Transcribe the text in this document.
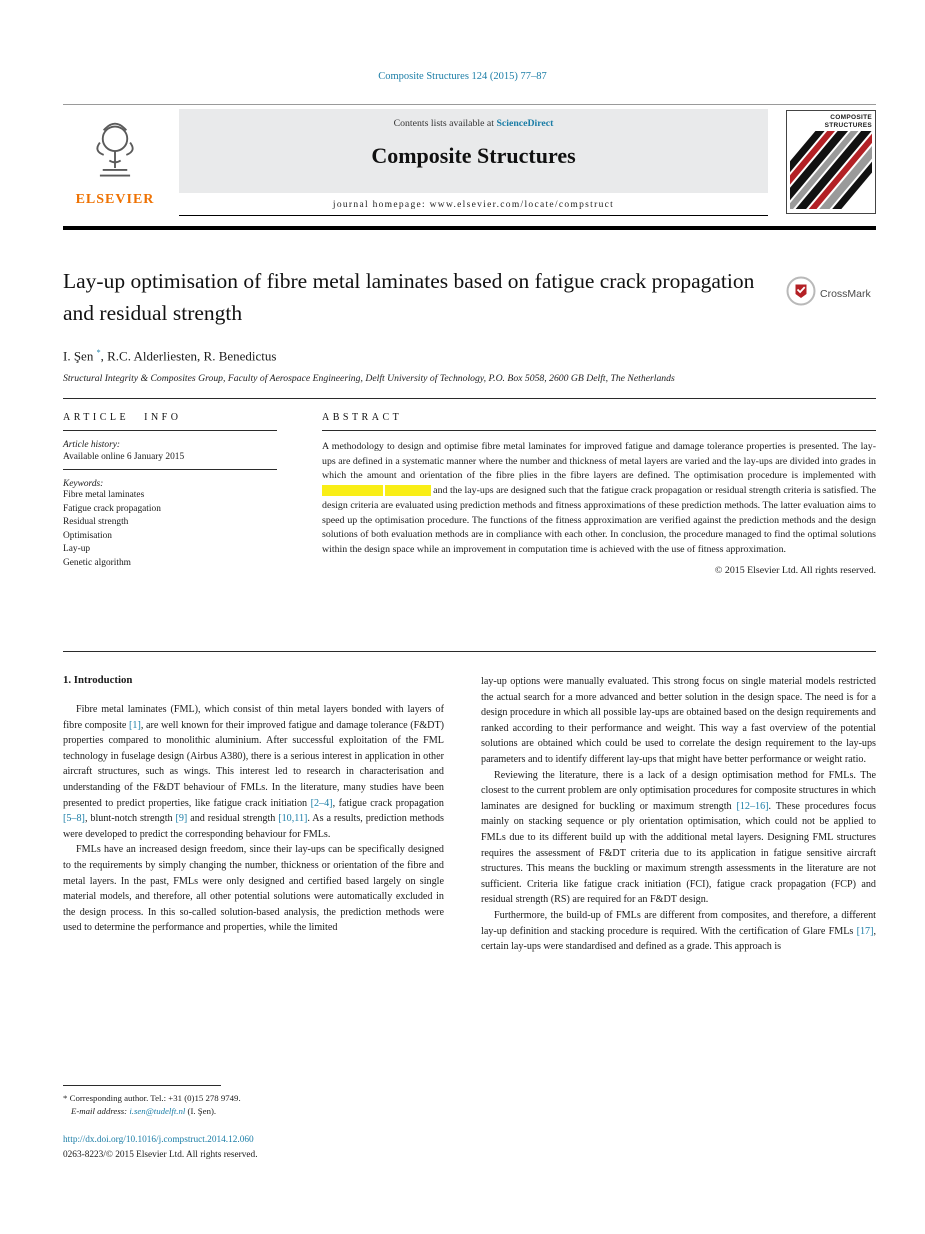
Composite Structures 124 (2015) 77–87
ELSEVIER
Contents lists available at ScienceDirect
Composite Structures
journal homepage: www.elsevier.com/locate/compstruct
COMPOSITE STRUCTURES
Lay-up optimisation of fibre metal laminates based on fatigue crack propagation and residual strength
CrossMark
I. Şen *, R.C. Alderliesten, R. Benedictus
Structural Integrity & Composites Group, Faculty of Aerospace Engineering, Delft University of Technology, P.O. Box 5058, 2600 GB Delft, The Netherlands
ARTICLE INFO
Article history:
Available online 6 January 2015
Keywords:
Fibre metal laminates
Fatigue crack propagation
Residual strength
Optimisation
Lay-up
Genetic algorithm
ABSTRACT

A methodology to design and optimise fibre metal laminates for improved fatigue and damage tolerance properties is presented. The lay-ups are defined in a systematic manner where the number and thickness of metal layers are varied and the lay-ups are divided into grades in which the amount and orientation of the fibre plies in the fibre layers are defined. The optimisation procedure is implemented with                                             and the lay-ups are designed such that the fatigue crack propagation or residual strength criteria is satisfied. The design criteria are evaluated using prediction methods and fitness approximations of these prediction methods. The latter evaluation aims to speed up the optimisation procedure. The functions of the fitness approximation are verified against the prediction methods and the design solutions of both evaluation methods are in compliance with each other. In conclusion, the procedure managed to find the optimal solutions within the design space while an improvement in computation time is achieved with the use of fitness approximation.

© 2015 Elsevier Ltd. All rights reserved.
1. Introduction

Fibre metal laminates (FML), which consist of thin metal layers bonded with layers of fibre composite [1], are well known for their improved fatigue and damage tolerance (F&DT) properties compared to monolithic aluminium. After successful exploitation of the FML technology in fuselage design (Airbus A380), there is a serious interest in application in other aircraft structures, such as wings. This interest led to research in characterisation and understanding of the F&DT behaviour of FMLs. In the literature, many studies have been presented to predict properties, like fatigue crack initiation [2–4], fatigue crack propagation [5–8], blunt-notch strength [9] and residual strength [10,11]. As a results, prediction methods were developed to predict the corresponding behaviour for FMLs.

FMLs have an increased design freedom, since their lay-ups can be specifically designed to the requirements by simply changing the number, thickness or orientation of the fibre and metal layers. In the past, FMLs were only designed and certified based largely on single material models, and therefore, all other potential solutions were automatically excluded in the design process. In this so-called solution-based analysis, the prediction methods were used to determine the performance and properties, while the limited

lay-up options were manually evaluated. This strong focus on single material models restricted the actual search for a more advanced and better solution in the design space. The need is for a design procedure in which all possible lay-ups are obtained based on the design requirements and ranked according to their performance and weight. This way a fast overview of the potential solutions are obtained which could be used to correlate the design requirement to the lay-ups parameters and to identify different lay-ups that might have better performance or weight ratio.

Reviewing the literature, there is a lack of a design optimisation method for FMLs. The closest to the current problem are only optimisation procedures for composite structures in which laminates are designed for buckling or maximum strength [12–16]. These procedures focus mainly on stacking sequence or ply orientation optimisation, which could not be applied to FMLs due to its different build up with the additional metal layers. Designing FML structures requires the assessment of F&DT criteria due to its application in fatigue sensitive aircraft structures. This means the buckling or maximum strength assessments in the literature are not sufficient. Criteria like fatigue crack initiation (FCI), fatigue crack propagation (FCP) and residual strength (RS) are required for an F&DT design.

Furthermore, the build-up of FMLs are different from composites, and therefore, a different lay-up definition and stacking procedure is required. With the certification of Glare FMLs [17], certain lay-ups were standardised and defined as a grade. This approach is

* Corresponding author. Tel.: +31 (0)15 278 9749.
E-mail address: i.sen@tudelft.nl (I. Şen).
http://dx.doi.org/10.1016/j.compstruct.2014.12.060
0263-8223/© 2015 Elsevier Ltd. All rights reserved.
